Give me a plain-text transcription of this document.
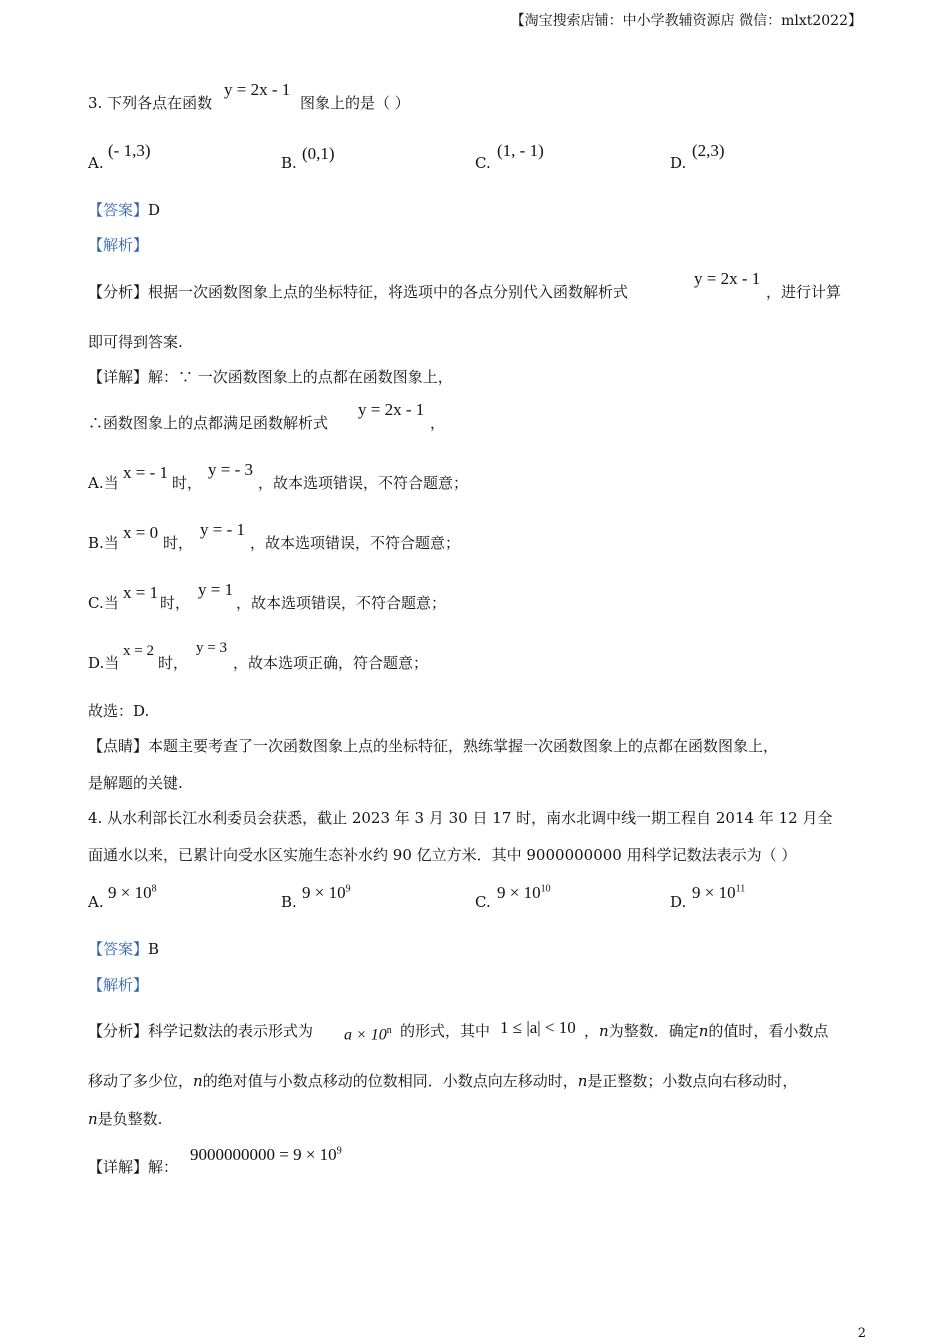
【淘宝搜索店铺：中小学教辅资源店 微信：mlxt2022】
3. 下列各点在函数
y = 2x - 1
图象上的是（ ）
A.
(- 1,3)
B. (0,1)	C.
(1, - 1)
D.
(2,3)
【答案】D
【解析】
【分析】根据一次函数图象上点的坐标特征，将选项中的各点分别代入函数解析式
y = 2x - 1
，进行计算
即可得到答案.
【详解】解：∵ 一次函数图象上的点都在函数图象上，
∴函数图象上的点都满足函数解析式
y = 2x - 1
，
A.当
x = - 1
时，
y = - 3
，故本选项错误，不符合题意；
B.当
x = 0
时，
y = - 1
，故本选项错误，不符合题意；
C.当
x = 1
时，
y = 1
，故本选项错误，不符合题意；
D.当
x = 2
时，
y = 3
，故本选项正确，符合题意；
故选：D.
【点睛】本题主要考查了一次函数图象上点的坐标特征，熟练掌握一次函数图象上的点都在函数图象上，
是解题的关键.
4. 从水利部长江水利委员会获悉，截止 2023 年 3 月 30 日 17 时，南水北调中线一期工程自 2014 年 12 月全
面通水以来，已累计向受水区实施生态补水约 90 亿立方米．其中 9000000000 用科学记数法表示为（ ）
A. $9 \times 10^8$
B. $9 \times 10^9$
C. $9 \times 10^{10}$
D. $9 \times 10^{11}$
【答案】B
【解析】
【分析】科学记数法的表示形式为 $a \times 10^n$ 的形式，其中 1 ≤ |a| < 10 ，n为整数．确定n的值时，看小数点
移动了多少位，n的绝对值与小数点移动的位数相同．小数点向左移动时，n是正整数；小数点向右移动时，
n是负整数.
【详解】解：
$9000000000 = 9 \times 10^9$
2
